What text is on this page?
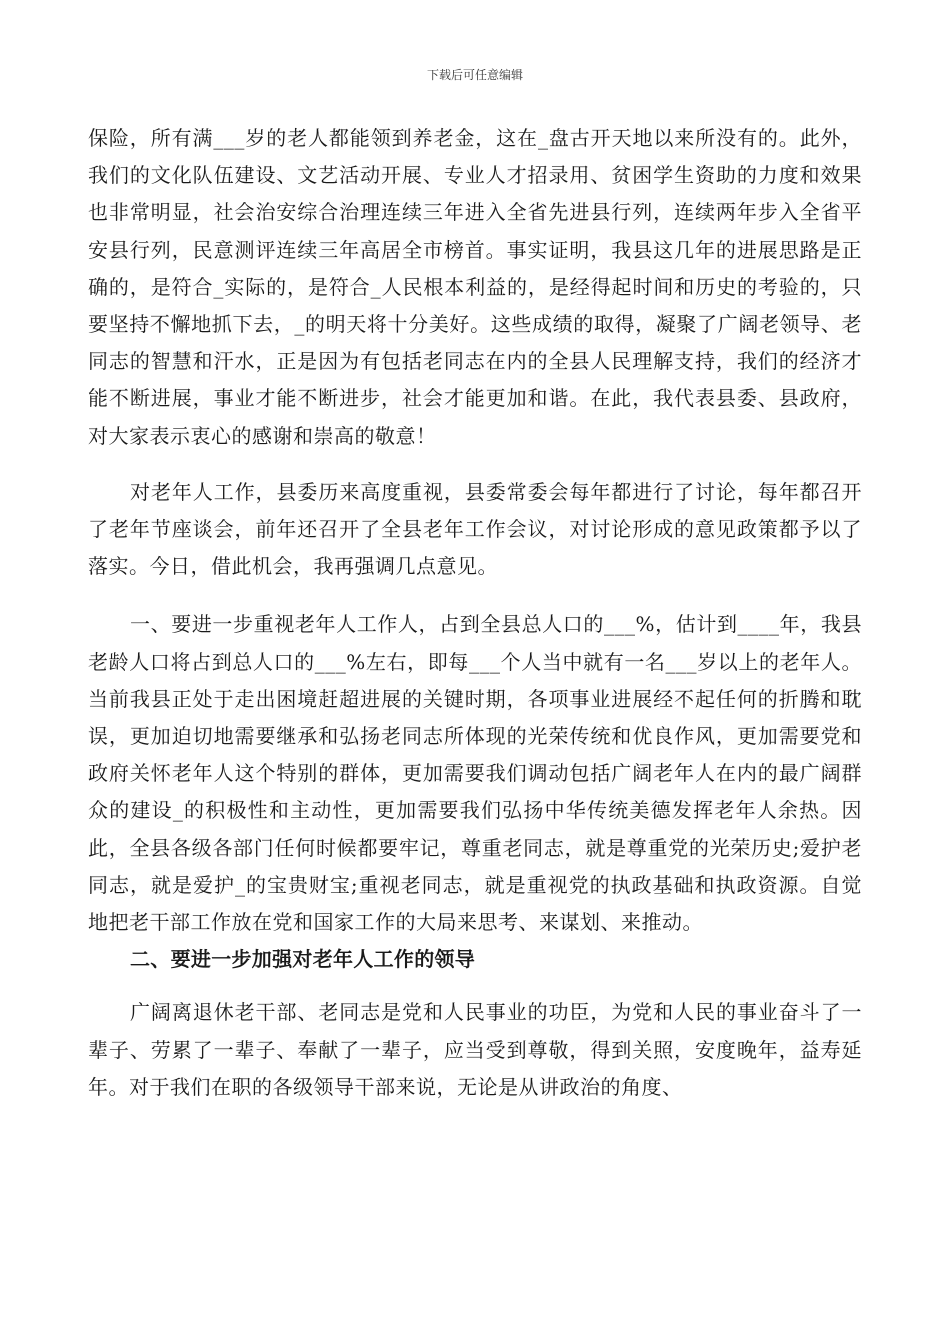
下载后可任意编辑

保险，所有满___岁的老人都能领到养老金，这在_盘古开天地以来所没有的。此外，我们的文化队伍建设、文艺活动开展、专业人才招录用、贫困学生资助的力度和效果也非常明显，社会治安综合治理连续三年进入全省先进县行列，连续两年步入全省平安县行列，民意测评连续三年高居全市榜首。事实证明，我县这几年的进展思路是正确的，是符合_实际的，是符合_人民根本利益的，是经得起时间和历史的考验的，只要坚持不懈地抓下去，_的明天将十分美好。这些成绩的取得，凝聚了广阔老领导、老同志的智慧和汗水，正是因为有包括老同志在内的全县人民理解支持，我们的经济才能不断进展，事业才能不断进步，社会才能更加和谐。在此，我代表县委、县政府，对大家表示衷心的感谢和崇高的敬意！

对老年人工作，县委历来高度重视，县委常委会每年都进行了讨论，每年都召开了老年节座谈会，前年还召开了全县老年工作会议，对讨论形成的意见政策都予以了落实。今日，借此机会，我再强调几点意见。

一、要进一步重视老年人工作人，占到全县总人口的___%，估计到____年，我县老龄人口将占到总人口的___%左右，即每___个人当中就有一名___岁以上的老年人。当前我县正处于走出困境赶超进展的关键时期，各项事业进展经不起任何的折腾和耽误，更加迫切地需要继承和弘扬老同志所体现的光荣传统和优良作风，更加需要党和政府关怀老年人这个特别的群体，更加需要我们调动包括广阔老年人在内的最广阔群众的建设_的积极性和主动性，更加需要我们弘扬中华传统美德发挥老年人余热。因此，全县各级各部门任何时候都要牢记，尊重老同志，就是尊重党的光荣历史;爱护老同志，就是爱护_的宝贵财宝;重视老同志，就是重视党的执政基础和执政资源。自觉地把老干部工作放在党和国家工作的大局来思考、来谋划、来推动。

二、要进一步加强对老年人工作的领导

广阔离退休老干部、老同志是党和人民事业的功臣，为党和人民的事业奋斗了一辈子、劳累了一辈子、奉献了一辈子，应当受到尊敬，得到关照，安度晚年，益寿延年。对于我们在职的各级领导干部来说，无论是从讲政治的角度、
